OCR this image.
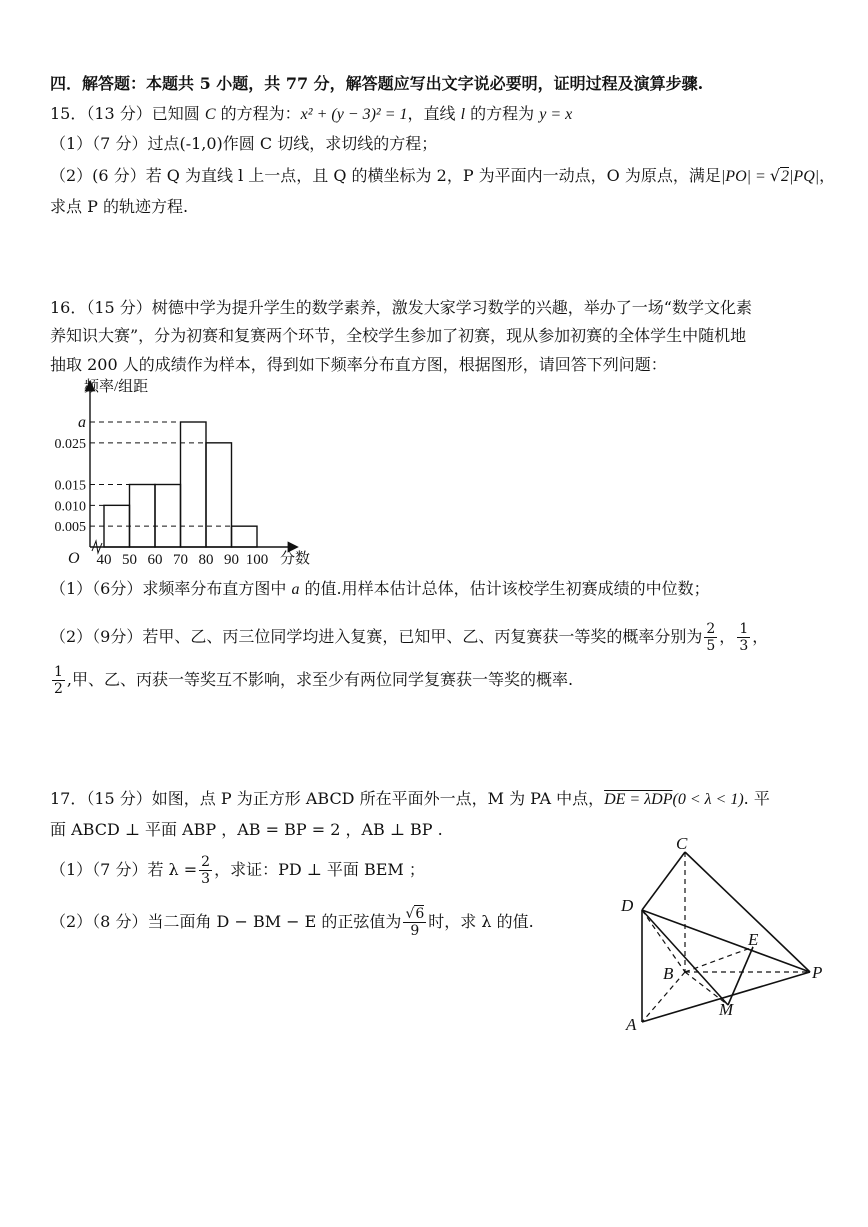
四．解答题：本题共 5 小题，共 77 分，解答题应写出文字说必要明，证明过程及演算步骤.
15．（13 分）已知圆 C 的方程为：x² + (y − 3)² = 1，直线 l 的方程为 y = x
（1）（7 分）过点(-1,0)作圆 C 切线，求切线的方程；
（2）(6 分）若 Q 为直线 l 上一点，且 Q 的横坐标为 2，P 为平面内一动点，O 为原点，满足|PO| = √2|PQ|，
求点 P 的轨迹方程.
16．（15 分）树德中学为提升学生的数学素养，激发大家学习数学的兴趣，举办了一场“数学文化素
养知识大赛”，分为初赛和复赛两个环节，全校学生参加了初赛，现从参加初赛的全体学生中随机地
抽取 200 人的成绩作为样本，得到如下频率分布直方图，根据图形，请回答下列问题：
0.005
0.010
0.015
0.025
a
40 50 60 70 80 90 100
频率/组距
分数
O
（1）（6分）求频率分布直方图中 a 的值.用样本估计总体，估计该校学生初赛成绩的中位数；
（2）（9分）若甲、乙、丙三位同学均进入复赛，已知甲、乙、丙复赛获一等奖的概率分别为 $\frac{2}{5}$ ， $\frac{1}{3}$ ，
$\frac{1}{2}$ ,甲、乙、丙获一等奖互不影响，求至少有两位同学复赛获一等奖的概率.
17．（15 分）如图，点 P 为正方形 ABCD 所在平面外一点，M 为 PA 中点，DE = λDP(0 < λ < 1). 平
面 ABCD ⊥ 平面 ABP ，AB = BP = 2 ，AB ⊥ BP .
（1）（7 分）若 $\lambda = \frac{2}{3}$ ，求证：PD ⊥ 平面 BEM ；
（2）（8 分）当二面角 D − BM − E 的正弦值为 $\frac{√6}{9}$ 时，求 λ 的值.
C
D
E
B	P
M
A
